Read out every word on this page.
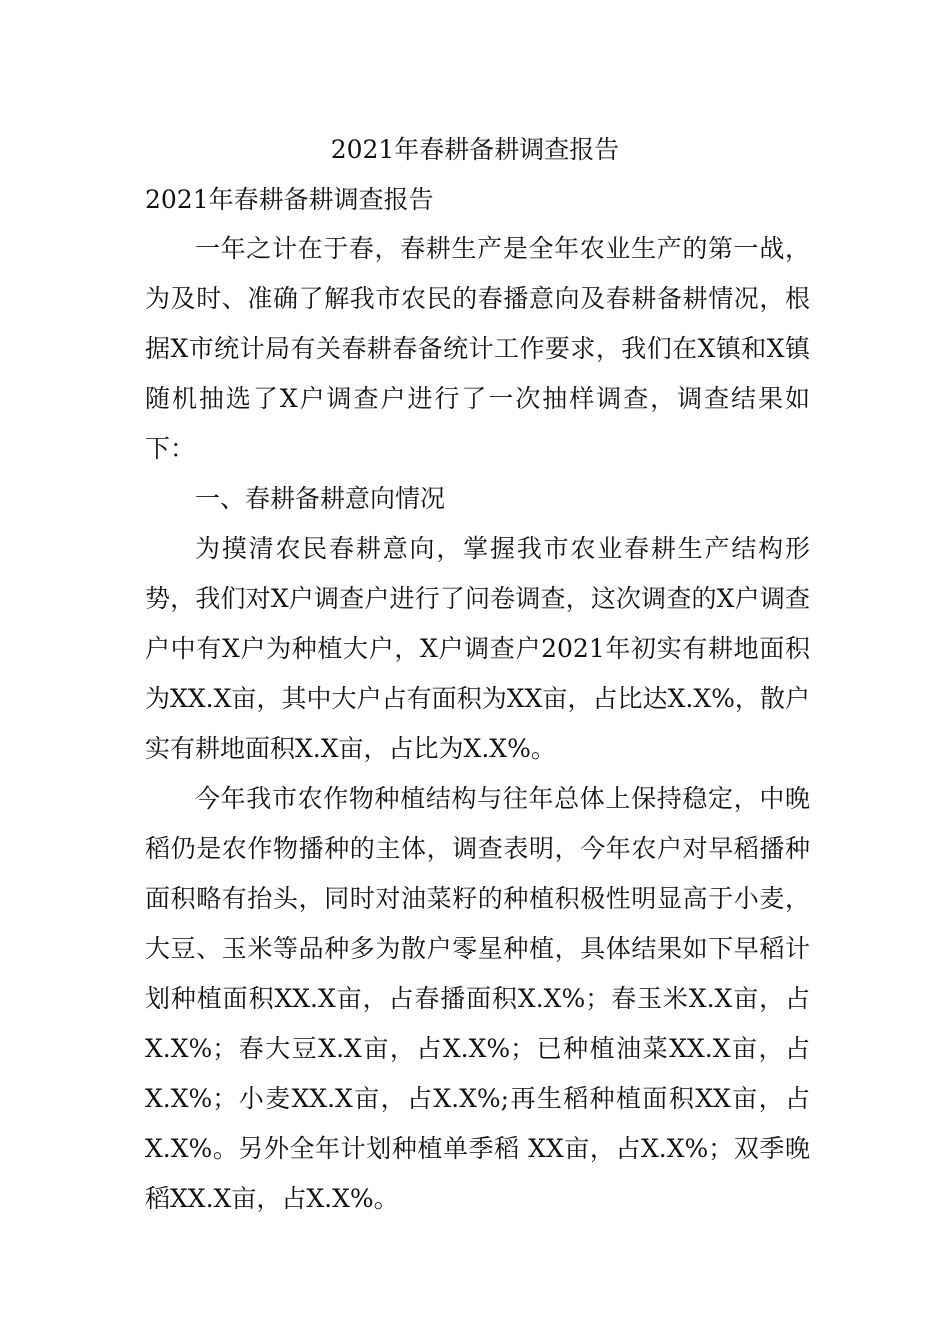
2021年春耕备耕调查报告
2021年春耕备耕调查报告

一年之计在于春，春耕生产是全年农业生产的第一战，为及时、准确了解我市农民的春播意向及春耕备耕情况，根据X市统计局有关春耕春备统计工作要求，我们在X镇和X镇随机抽选了X户调查户进行了一次抽样调查，调查结果如下：

一、春耕备耕意向情况

为摸清农民春耕意向，掌握我市农业春耕生产结构形势，我们对X户调查户进行了问卷调查，这次调查的X户调查户中有X户为种植大户，X户调查户2021年初实有耕地面积为XX.X亩，其中大户占有面积为XX亩，占比达X.X%，散户实有耕地面积X.X亩，占比为X.X%。

今年我市农作物种植结构与往年总体上保持稳定，中晚稻仍是农作物播种的主体，调查表明，今年农户对早稻播种面积略有抬头，同时对油菜籽的种植积极性明显高于小麦，大豆、玉米等品种多为散户零星种植，具体结果如下早稻计划种植面积XX.X亩，占春播面积X.X%；春玉米X.X亩，占X.X%；春大豆X.X亩，占X.X%；已种植油菜XX.X亩，占X.X%；小麦XX.X亩，占X.X%;再生稻种植面积XX亩，占X.X%。另外全年计划种植单季稻 XX亩，占X.X%；双季晚稻XX.X亩，占X.X%。
